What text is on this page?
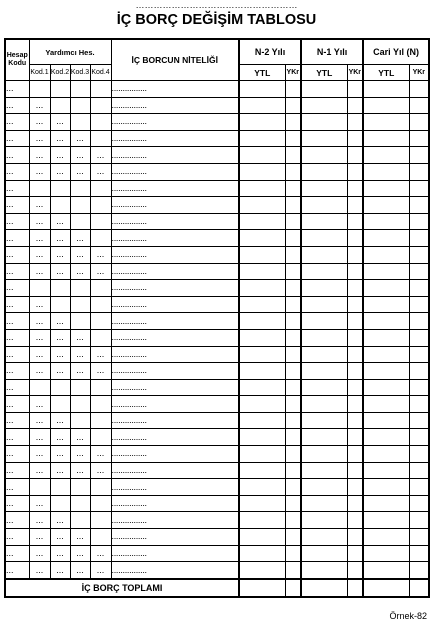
………………………………………………
İÇ BORÇ DEĞİŞİM TABLOSU
Hesap Kodu	Yardımcı Hes.				İÇ BORCUN NİTELİĞİ	N-2 Yılı		N-1 Yılı		Cari Yıl (N)	
	Kod.1	Kod.2	Kod.3	Kod.4		YTL	YKr	YTL	YKr	YTL	YKr
...					................						
...	...				................						
...	...	...			................						
...	...	...	...		................						
...	...	...	...	...	................						
...	...	...	...	...	................						
...					................						
...	...				................						
...	...	...			................						
...	...	...	...		................						
...	...	...	...	...	................						
...	...	...	...	...	................						
...					................						
...	...				................						
...	...	...			................						
...	...	...	...		................						
...	...	...	...	...	................						
...	...	...	...	...	................						
...					................						
...	...				................						
...	...	...			................						
...	...	...	...		................						
...	...	...	...	...	................						
...	...	...	...	...	................						
...					................						
...	...				................						
...	...	...			................						
...	...	...	...		................						
...	...	...	...	...	................						
...	...	...	...	...	................						
İÇ BORÇ TOPLAMI											
Örnek-82
